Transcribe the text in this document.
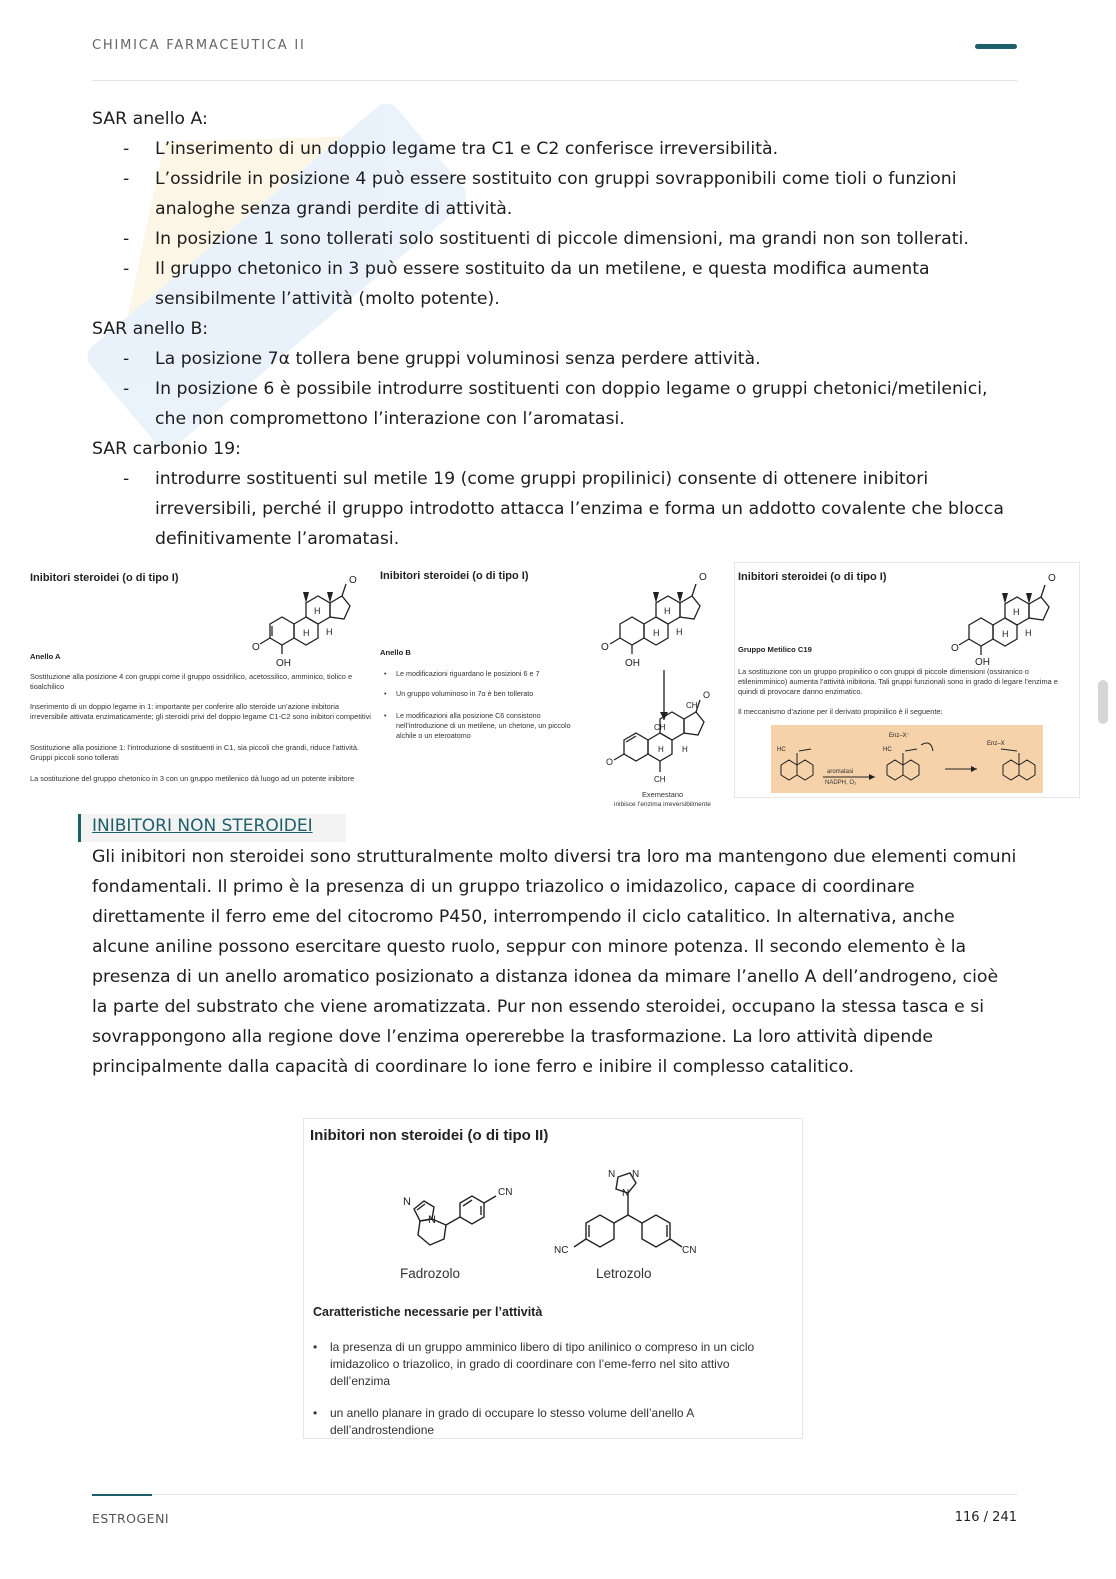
CHIMICA FARMACEUTICA II
SAR anello A:
- L’inserimento di un doppio legame tra C1 e C2 conferisce irreversibilità.
- L’ossidrile in posizione 4 può essere sostituito con gruppi sovrapponibili come tioli o funzioni analoghe senza grandi perdite di attività.
- In posizione 1 sono tollerati solo sostituenti di piccole dimensioni, ma grandi non son tollerati.
- Il gruppo chetonico in 3 può essere sostituito da un metilene, e questa modifica aumenta sensibilmente l’attività (molto potente).
SAR anello B:
- La posizione 7α tollera bene gruppi voluminosi senza perdere attività.
- In posizione 6 è possibile introdurre sostituenti con doppio legame o gruppi chetonici/metilenici, che non compromettono l’interazione con l’aromatasi.
SAR carbonio 19:
- introdurre sostituenti sul metile 19 (come gruppi propilinici) consente di ottenere inibitori irreversibili, perché il gruppo introdotto attacca l’enzima e forma un addotto covalente che blocca definitivamente l’aromatasi.
Inibitori steroidei (o di tipo I)	O
O
OH
H
H H
Anello A
Sostituzione alla posizione 4 con gruppi come il gruppo ossidrilico, acetossilico, amminico, tiolico e tioalchilico
Inserimento di un doppio legame in 1: importante per conferire allo steroide un’azione inibitoria irreversibile attivata enzimaticamente; gli steroidi privi del doppio legame C1-C2 sono inibitori competitivi
Sostituzione alla posizione 1: l’introduzione di sostituenti in C1, sia piccoli che grandi, riduce l’attività. Gruppi piccoli sono tollerati
La sostituzione del gruppo chetonico in 3 con un gruppo metilenico dà luogo ad un potente inibitore
Inibitori steroidei (o di tipo I)
Anello B
• Le modificazioni riguardano le posizioni 6 e 7
• Un gruppo voluminoso in 7α è ben tollerato
• Le modificazioni alla posizione C6 consistono nell’introduzione di un metilene, un chetone, un piccolo alchile o un eteroatomo
O
O
OH
H
H H
O
O
CH
CH
H H
CH
Exemestano
inibisce l’enzima irreversibilmente
Inibitori steroidei (o di tipo I)	O
O
OH
H
H H
Gruppo Metilico C19
La sostituzione con un gruppo propinilico o con gruppi di piccole dimensioni (ossiranico o etilenimminico) aumenta l’attività inibitoria. Tali gruppi funzionali sono in grado di legare l’enzima e quindi di provocare danno enzimatico.
Il meccanismo d’azione per il derivato propinilico è il seguente:
HC	HC
Enz–X⁻
Enz–X
aromatasi
NADPH, O₂
INIBITORI NON STEROIDEI
Gli inibitori non steroidei sono strutturalmente molto diversi tra loro ma mantengono due elementi comuni fondamentali. Il primo è la presenza di un gruppo triazolico o imidazolico, capace di coordinare direttamente il ferro eme del citocromo P450, interrompendo il ciclo catalitico. In alternativa, anche alcune aniline possono esercitare questo ruolo, seppur con minore potenza. Il secondo elemento è la presenza di un anello aromatico posizionato a distanza idonea da mimare l’anello A dell’androgeno, cioè la parte del substrato che viene aromatizzata. Pur non essendo steroidei, occupano la stessa tasca e si sovrappongono alla regione dove l’enzima opererebbe la trasformazione. La loro attività dipende principalmente dalla capacità di coordinare lo ione ferro e inibire il complesso catalitico.
Inibitori non steroidei (o di tipo II)
N
N
CN
Fadrozolo
N N
N
NC	CN
Letrozolo
Caratteristiche necessarie per l’attività
• la presenza di un gruppo amminico libero di tipo anilinico o compreso in un ciclo imidazolico o triazolico, in grado di coordinare con l’eme-ferro nel sito attivo dell’enzima
• un anello planare in grado di occupare lo stesso volume dell’anello A dell’androstendione
ESTROGENI	116 / 241
